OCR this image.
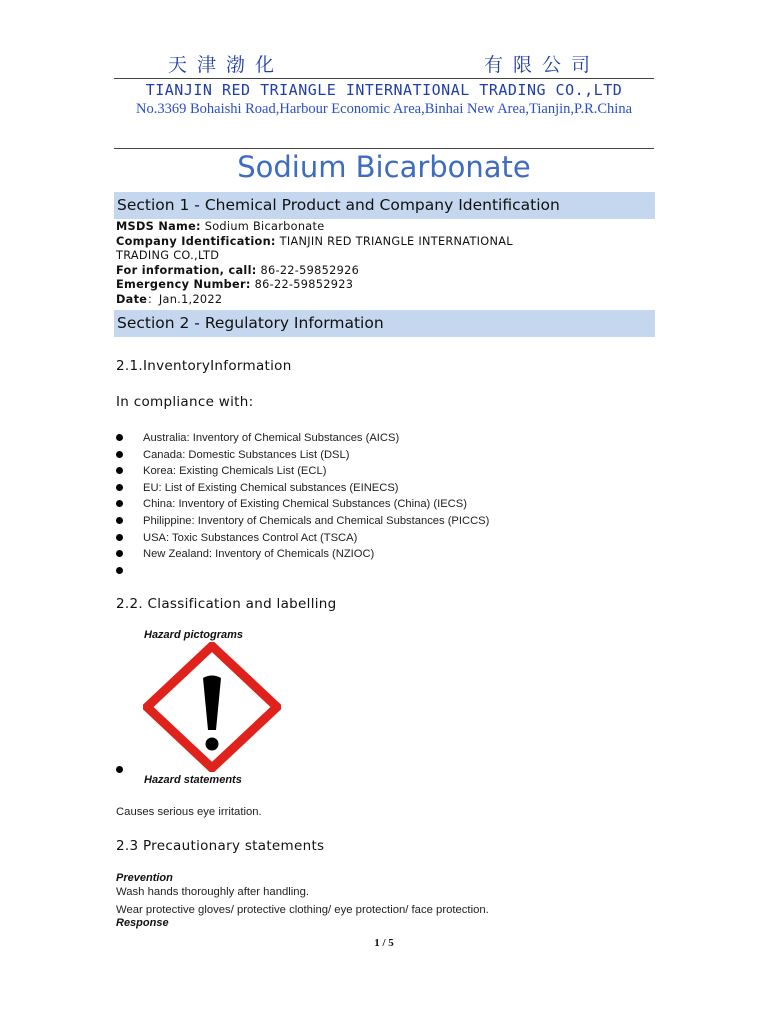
天津渤化	有限公司
TIANJIN RED TRIANGLE INTERNATIONAL TRADING CO.,LTD
No.3369 Bohaishi Road,Harbour Economic Area,Binhai New Area,Tianjin,P.R.China
Sodium Bicarbonate
Section 1 - Chemical Product and Company Identification
MSDS Name: Sodium Bicarbonate
Company Identification: TIANJIN RED TRIANGLE INTERNATIONAL
TRADING CO.,LTD
For information, call: 86-22-59852926
Emergency Number: 86-22-59852923
Date：Jan.1,2022
Section 2 - Regulatory Information
2.1.InventoryInformation
In compliance with:
Australia: Inventory of Chemical Substances (AICS)
Canada: Domestic Substances List (DSL)
Korea: Existing Chemicals List (ECL)
EU: List of Existing Chemical substances (EINECS)
China: Inventory of Existing Chemical Substances (China) (IECS)
Philippine: Inventory of Chemicals and Chemical Substances (PICCS)
USA: Toxic Substances Control Act (TSCA)
New Zealand: Inventory of Chemicals (NZIOC)
2.2. Classification and labelling
Hazard pictograms
Hazard statements
Causes serious eye irritation.
2.3 Precautionary statements
Prevention
Wash hands thoroughly after handling.
Wear protective gloves/ protective clothing/ eye protection/ face protection.
Response
1 / 5
